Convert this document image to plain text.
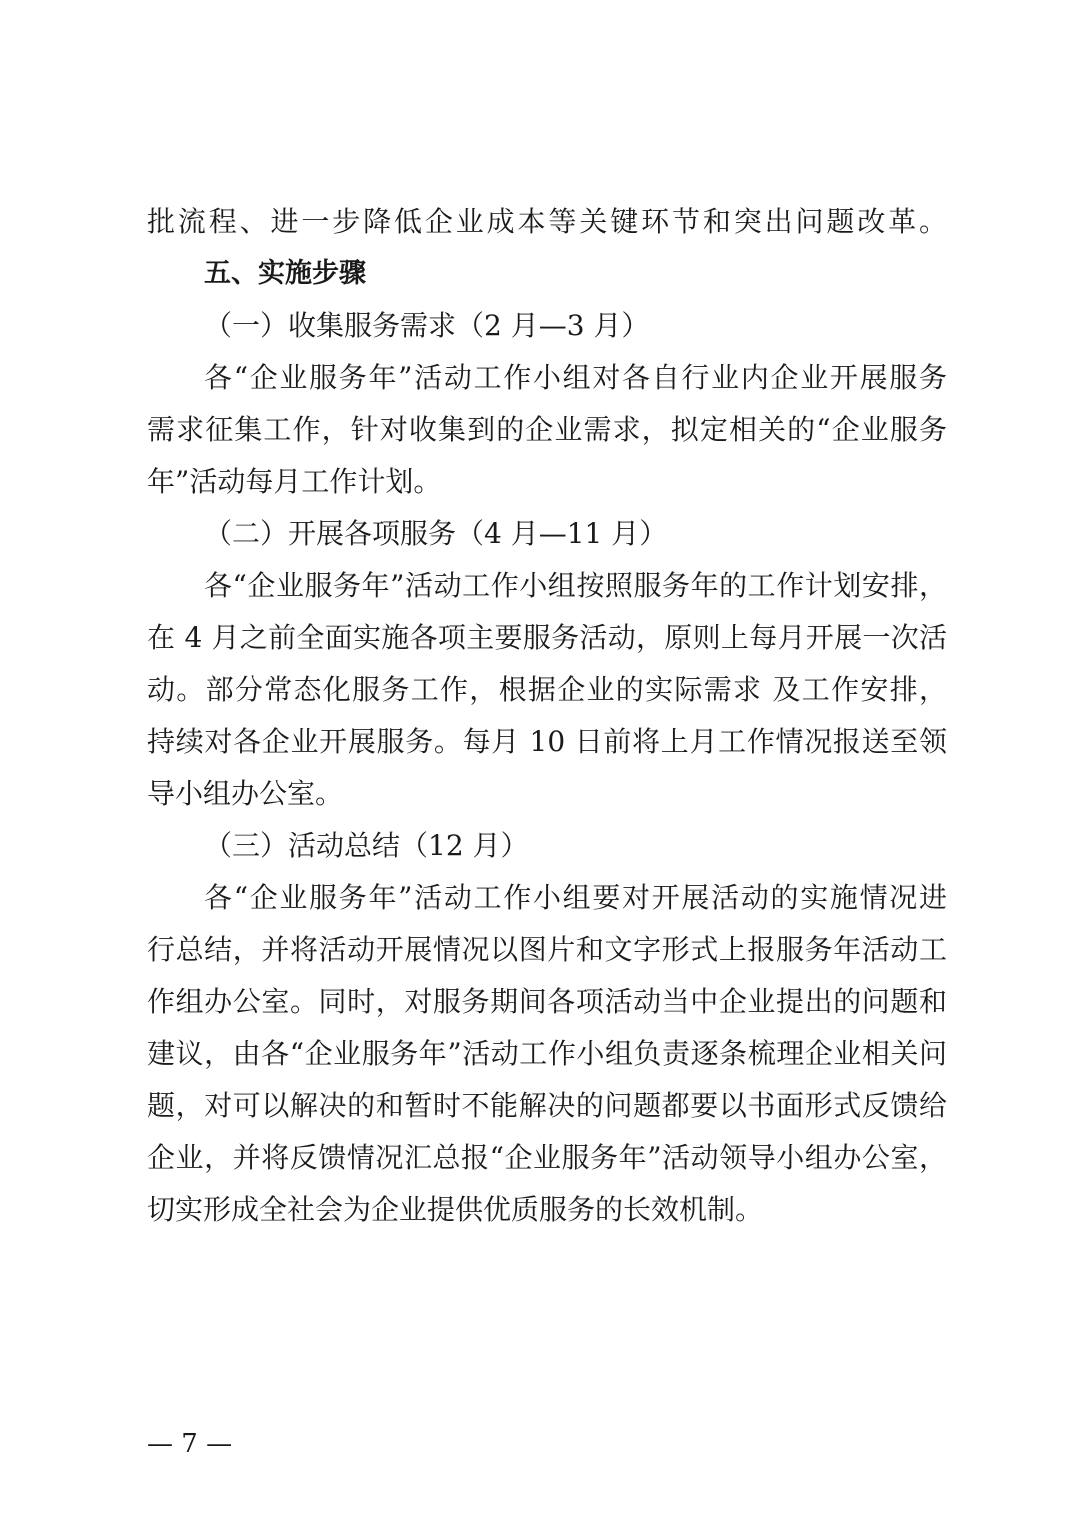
批流程、进一步降低企业成本等关键环节和突出问题改革。
五、实施步骤
（一）收集服务需求（2 月—3 月）
各“企业服务年”活动工作小组对各自行业内企业开展服务
需求征集工作，针对收集到的企业需求，拟定相关的“企业服务
年”活动每月工作计划。
（二）开展各项服务（4 月—11 月）
各“企业服务年”活动工作小组按照服务年的工作计划安排，
在 4 月之前全面实施各项主要服务活动，原则上每月开展一次活
动。部分常态化服务工作，根据企业的实际需求 及工作安排，
持续对各企业开展服务。每月 10 日前将上月工作情况报送至领
导小组办公室。
（三）活动总结（12 月）
各“企业服务年”活动工作小组要对开展活动的实施情况进
行总结，并将活动开展情况以图片和文字形式上报服务年活动工
作组办公室。同时，对服务期间各项活动当中企业提出的问题和
建议，由各“企业服务年”活动工作小组负责逐条梳理企业相关问
题，对可以解决的和暂时不能解决的问题都要以书面形式反馈给
企业，并将反馈情况汇总报“企业服务年”活动领导小组办公室，
切实形成全社会为企业提供优质服务的长效机制。
— 7 —
